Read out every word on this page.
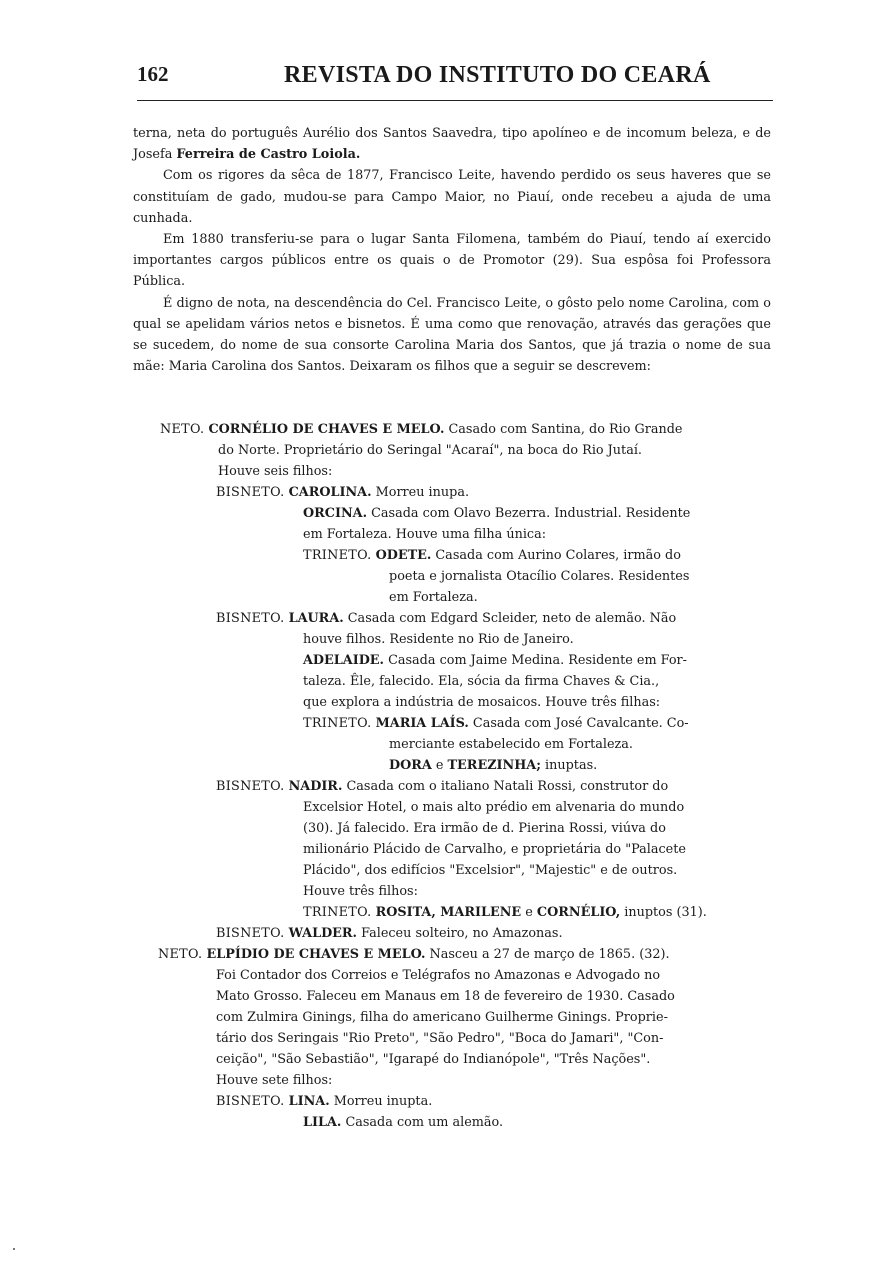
162	REVISTA DO INSTITUTO DO CEARÁ

terna, neta do português Aurélio dos Santos Saavedra, tipo apolíneo e de incomum beleza, e de Josefa Ferreira de Castro Loiola.

Com os rigores da sêca de 1877, Francisco Leite, havendo perdido os seus haveres que se constituíam de gado, mudou-se para Campo Maior, no Piauí, onde recebeu a ajuda de uma cunhada.

Em 1880 transferiu-se para o lugar Santa Filomena, também do Piauí, tendo aí exercido importantes cargos públicos entre os quais o de Promotor (29). Sua espôsa foi Professora Pública.

É digno de nota, na descendência do Cel. Francisco Leite, o gôsto pelo nome Carolina, com o qual se apelidam vários netos e bisnetos. É uma como que renovação, através das gerações que se sucedem, do nome de sua consorte Carolina Maria dos Santos, que já trazia o nome de sua mãe: Maria Carolina dos Santos. Deixaram os filhos que a seguir se descrevem:

NETO. CORNÉLIO DE CHAVES E MELO. Casado com Santina, do Rio Grande
do Norte. Proprietário do Seringal "Acaraí", na boca do Rio Jutaí.
Houve seis filhos:
BISNETO. CAROLINA. Morreu inupa.
ORCINA. Casada com Olavo Bezerra. Industrial. Residente
em Fortaleza. Houve uma filha única:
TRINETO. ODETE. Casada com Aurino Colares, irmão do
poeta e jornalista Otacílio Colares. Residentes
em Fortaleza.
BISNETO. LAURA. Casada com Edgard Scleider, neto de alemão. Não
houve filhos. Residente no Rio de Janeiro.
ADELAIDE. Casada com Jaime Medina. Residente em For-
taleza. Êle, falecido. Ela, sócia da firma Chaves & Cia.,
que explora a indústria de mosaicos. Houve três filhas:
TRINETO. MARIA LAÍS. Casada com José Cavalcante. Co-
merciante estabelecido em Fortaleza.
DORA e TEREZINHA; inuptas.
BISNETO. NADIR. Casada com o italiano Natali Rossi, construtor do
Excelsior Hotel, o mais alto prédio em alvenaria do mundo
(30). Já falecido. Era irmão de d. Pierina Rossi, viúva do
milionário Plácido de Carvalho, e proprietária do "Palacete
Plácido", dos edifícios "Excelsior", "Majestic" e de outros.
Houve três filhos:
TRINETO. ROSITA, MARILENE e CORNÉLIO, inuptos (31).
BISNETO. WALDER. Faleceu solteiro, no Amazonas.
NETO. ELPÍDIO DE CHAVES E MELO. Nasceu a 27 de março de 1865. (32).
Foi Contador dos Correios e Telégrafos no Amazonas e Advogado no
Mato Grosso. Faleceu em Manaus em 18 de fevereiro de 1930. Casado
com Zulmira Ginings, filha do americano Guilherme Ginings. Proprie-
tário dos Seringais "Rio Preto", "São Pedro", "Boca do Jamari", "Con-
ceição", "São Sebastião", "Igarapé do Indianópole", "Três Nações".
Houve sete filhos:
BISNETO. LINA. Morreu inupta.
LILA. Casada com um alemão.
